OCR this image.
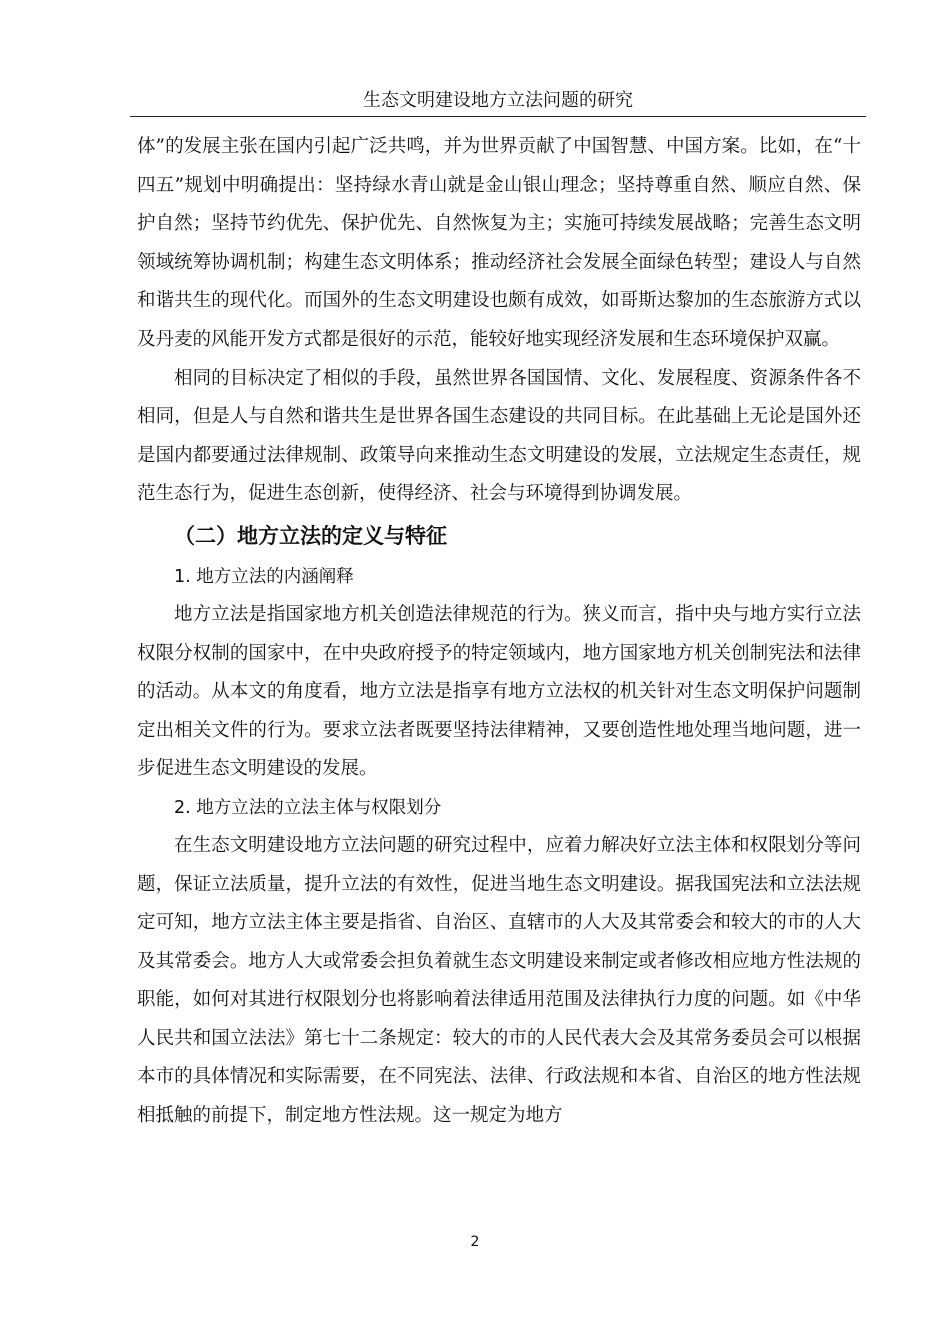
生态文明建设地方立法问题的研究

体”的发展主张在国内引起广泛共鸣，并为世界贡献了中国智慧、中国方案。比如，在“十四五”规划中明确提出：坚持绿水青山就是金山银山理念；坚持尊重自然、顺应自然、保护自然；坚持节约优先、保护优先、自然恢复为主；实施可持续发展战略；完善生态文明领域统筹协调机制；构建生态文明体系；推动经济社会发展全面绿色转型；建设人与自然和谐共生的现代化。而国外的生态文明建设也颇有成效，如哥斯达黎加的生态旅游方式以及丹麦的风能开发方式都是很好的示范，能较好地实现经济发展和生态环境保护双赢。

相同的目标决定了相似的手段，虽然世界各国国情、文化、发展程度、资源条件各不相同，但是人与自然和谐共生是世界各国生态建设的共同目标。在此基础上无论是国外还是国内都要通过法律规制、政策导向来推动生态文明建设的发展，立法规定生态责任，规范生态行为，促进生态创新，使得经济、社会与环境得到协调发展。

（二）地方立法的定义与特征
1. 地方立法的内涵阐释

地方立法是指国家地方机关创造法律规范的行为。狭义而言，指中央与地方实行立法权限分权制的国家中，在中央政府授予的特定领域内，地方国家地方机关创制宪法和法律的活动。从本文的角度看，地方立法是指享有地方立法权的机关针对生态文明保护问题制定出相关文件的行为。要求立法者既要坚持法律精神，又要创造性地处理当地问题，进一步促进生态文明建设的发展。

2. 地方立法的立法主体与权限划分

在生态文明建设地方立法问题的研究过程中，应着力解决好立法主体和权限划分等问题，保证立法质量，提升立法的有效性，促进当地生态文明建设。据我国宪法和立法法规定可知，地方立法主体主要是指省、自治区、直辖市的人大及其常委会和较大的市的人大及其常委会。地方人大或常委会担负着就生态文明建设来制定或者修改相应地方性法规的职能，如何对其进行权限划分也将影响着法律适用范围及法律执行力度的问题。如《中华人民共和国立法法》第七十二条规定：较大的市的人民代表大会及其常务委员会可以根据本市的具体情况和实际需要，在不同宪法、法律、行政法规和本省、自治区的地方性法规相抵触的前提下，制定地方性法规。这一规定为地方

2
